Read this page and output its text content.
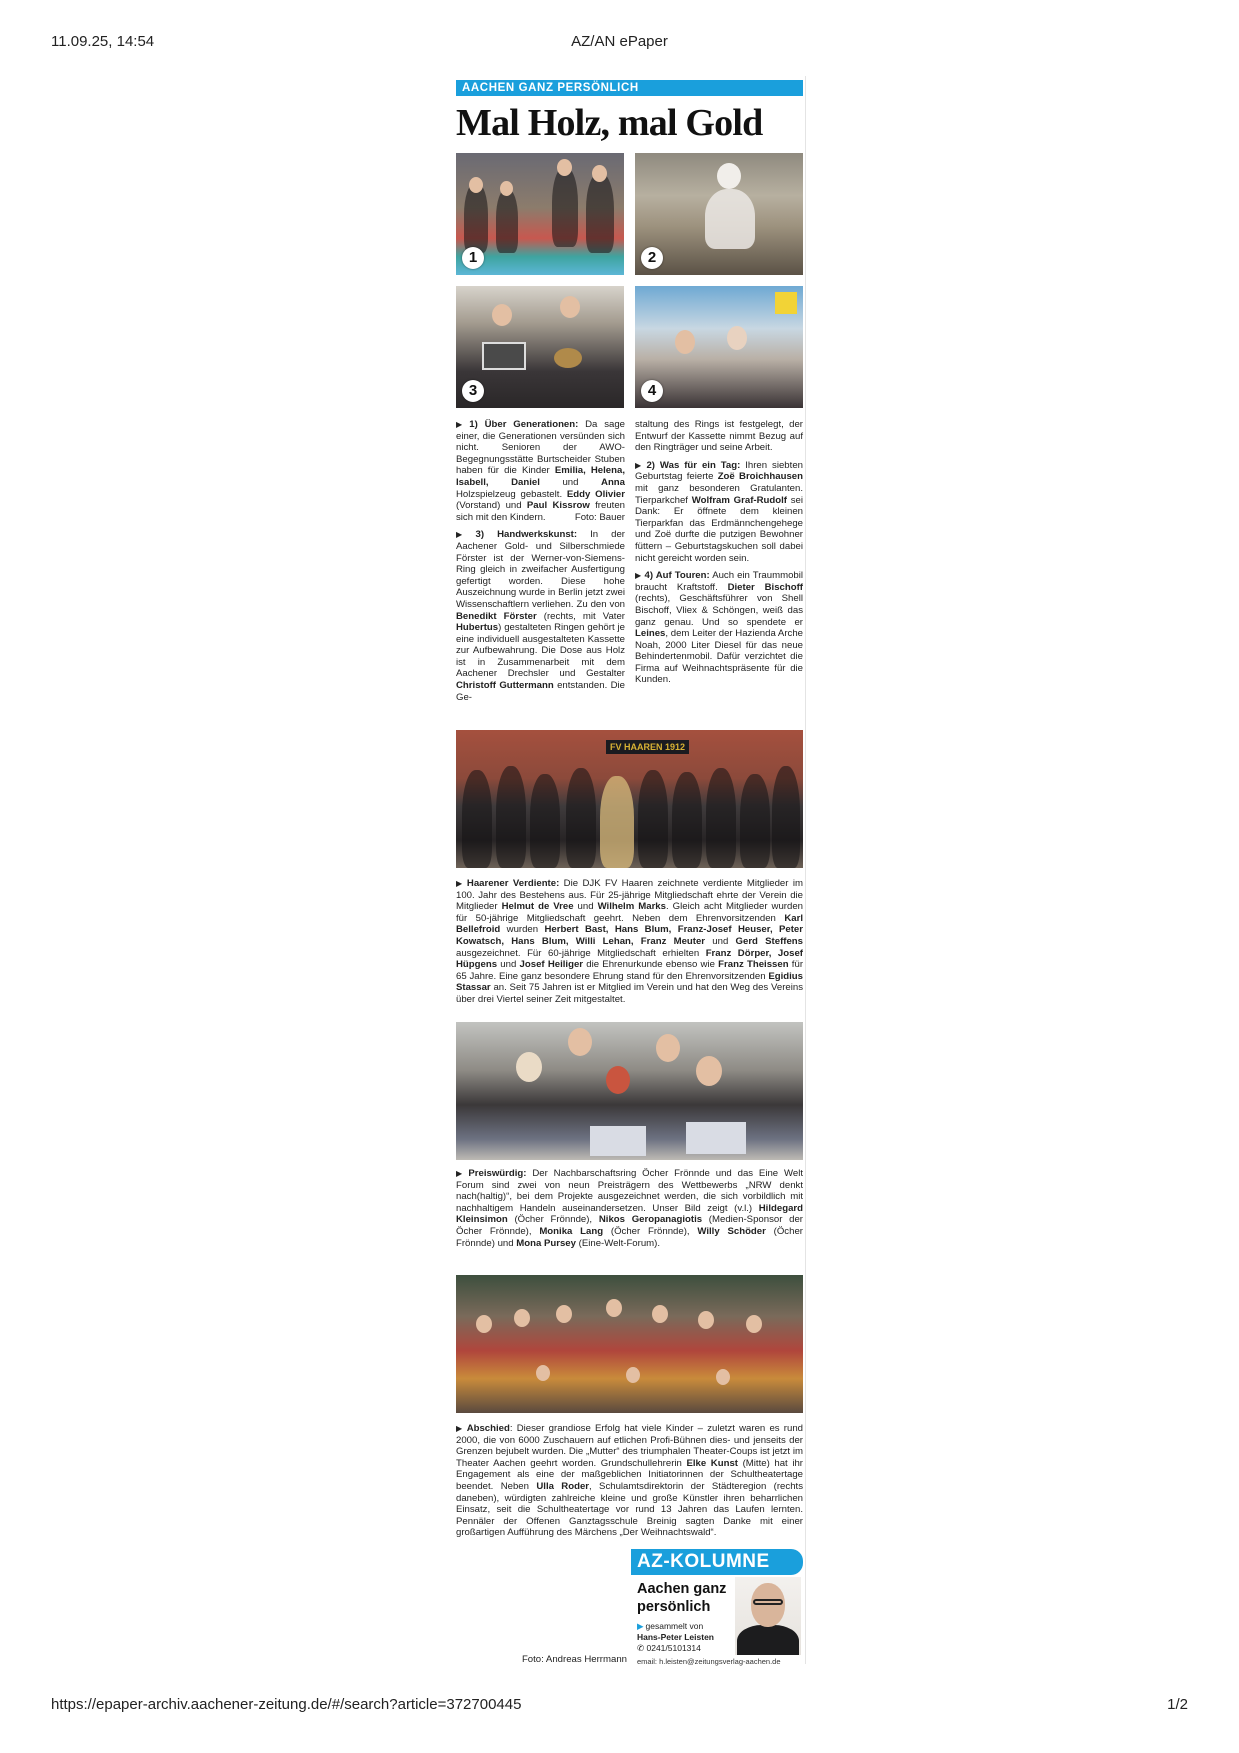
11.09.25, 14:54	AZ/AN ePaper
AACHEN GANZ PERSÖNLICH
Mal Holz, mal Gold
1	2
3	4

▶ 1) Über Generationen: Da sage einer, die Generationen versünden sich nicht. Senioren der AWO-Begegnungsstätte Burtscheider Stuben haben für die Kinder Emilia, Helena, Isabell, Daniel und Anna Holzspielzeug gebastelt. Eddy Olivier (Vorstand) und Paul Kissrow freuten sich mit den Kindern.	Foto: Bauer

▶ 3) Handwerkskunst: In der Aachener Gold- und Silberschmiede Förster ist der Werner-von-Siemens-Ring gleich in zweifacher Ausfertigung gefertigt worden. Diese hohe Auszeichnung wurde in Berlin jetzt zwei Wissenschaftlern verliehen. Zu den von Benedikt Förster (rechts, mit Vater Hubertus) gestalteten Ringen gehört je eine individuell ausgestalteten Kassette zur Aufbewahrung. Die Dose aus Holz ist in Zusammenarbeit mit dem Aachener Drechsler und Gestalter Christoff Guttermann entstanden. Die Ge-

staltung des Rings ist festgelegt, der Entwurf der Kassette nimmt Bezug auf den Ringträger und seine Arbeit.

▶ 2) Was für ein Tag: Ihren siebten Geburtstag feierte Zoë Broichhausen mit ganz besonderen Gratulanten. Tierparkchef Wolfram Graf-Rudolf sei Dank: Er öffnete dem kleinen Tierparkfan das Erdmännchengehege und Zoë durfte die putzigen Bewohner füttern – Geburtstagskuchen soll dabei nicht gereicht worden sein.

▶ 4) Auf Touren: Auch ein Traummobil braucht Kraftstoff. Dieter Bischoff (rechts), Geschäftsführer von Shell Bischoff, Vliex & Schöngen, weiß das ganz genau. Und so spendete er Leines, dem Leiter der Hazienda Arche Noah, 2000 Liter Diesel für das neue Behindertenmobil. Dafür verzichtet die Firma auf Weihnachtspräsente für die Kunden.

FV HAAREN 1912

▶ Haarener Verdiente: Die DJK FV Haaren zeichnete verdiente Mitglieder im 100. Jahr des Bestehens aus. Für 25-jährige Mitgliedschaft ehrte der Verein die Mitglieder Helmut de Vree und Wilhelm Marks. Gleich acht Mitglieder wurden für 50-jährige Mitgliedschaft geehrt. Neben dem Ehrenvorsitzenden Karl Bellefroid wurden Herbert Bast, Hans Blum, Franz-Josef Heuser, Peter Kowatsch, Hans Blum, Willi Lehan, Franz Meuter und Gerd Steffens ausgezeichnet. Für 60-jährige Mitgliedschaft erhielten Franz Dörper, Josef Hüpgens und Josef Heiliger die Ehrenurkunde ebenso wie Franz Theissen für 65 Jahre. Eine ganz besondere Ehrung stand für den Ehrenvorsitzenden Egidius Stassar an. Seit 75 Jahren ist er Mitglied im Verein und hat den Weg des Vereins über drei Viertel seiner Zeit mitgestaltet.

▶ Preiswürdig: Der Nachbarschaftsring Öcher Frönnde und das Eine Welt Forum sind zwei von neun Preisträgern des Wettbewerbs „NRW denkt nach(haltig)“, bei dem Projekte ausgezeichnet werden, die sich vorbildlich mit nachhaltigem Handeln auseinandersetzen. Unser Bild zeigt (v.l.) Hildegard Kleinsimon (Öcher Frönnde), Nikos Geropanagiotis (Medien-Sponsor der Öcher Frönnde), Monika Lang (Öcher Frönnde), Willy Schöder (Öcher Frönnde) und Mona Pursey (Eine-Welt-Forum).

▶ Abschied: Dieser grandiose Erfolg hat viele Kinder – zuletzt waren es rund 2000, die von 6000 Zuschauern auf etlichen Profi-Bühnen dies- und jenseits der Grenzen bejubelt wurden. Die „Mutter“ des triumphalen Theater-Coups ist jetzt im Theater Aachen geehrt worden. Grundschullehrerin Elke Kunst (Mitte) hat ihr Engagement als eine der maßgeblichen Initiatorinnen der Schultheatertage beendet. Neben Ulla Roder, Schulamtsdirektorin der Städteregion (rechts daneben), würdigten zahlreiche kleine und große Künstler ihren beharrlichen Einsatz, seit die Schultheatertage vor rund 13 Jahren das Laufen lernten. Pennäler der Offenen Ganztagsschule Breinig sagten Danke mit einer großartigen Aufführung des Märchens „Der Weihnachtswald“.

Foto: Andreas Herrmann
AZ-KOLUMNE
Aachen ganz persönlich
▶ gesammelt von
Hans-Peter Leisten
✆ 0241/5101314
email: h.leisten@zeitungsverlag-aachen.de
https://epaper-archiv.aachener-zeitung.de/#/search?article=372700445	1/2
